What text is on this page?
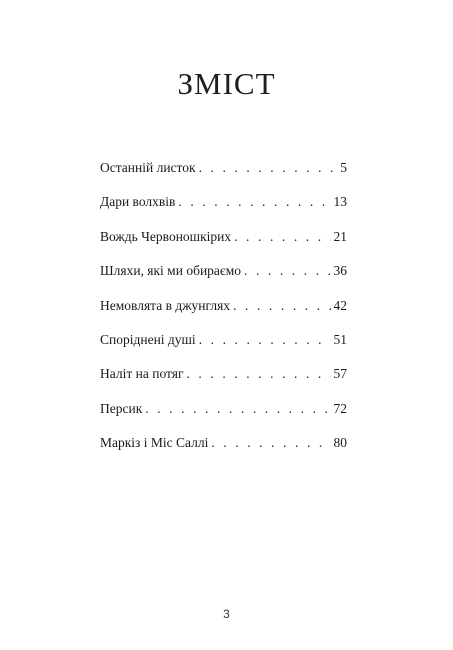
ЗМІСТ
Останній листок . . .	5
Дари волхвів . . .	13
Вождь Червоношкірих . . .	21
Шляхи, які ми обираємо . . .	36
Немовлята в джунглях . . .	42
Споріднені душі . . .	51
Наліт на потяг . . .	57
Персик . . .	72
Маркіз і Міс Саллі . . .	80
3
